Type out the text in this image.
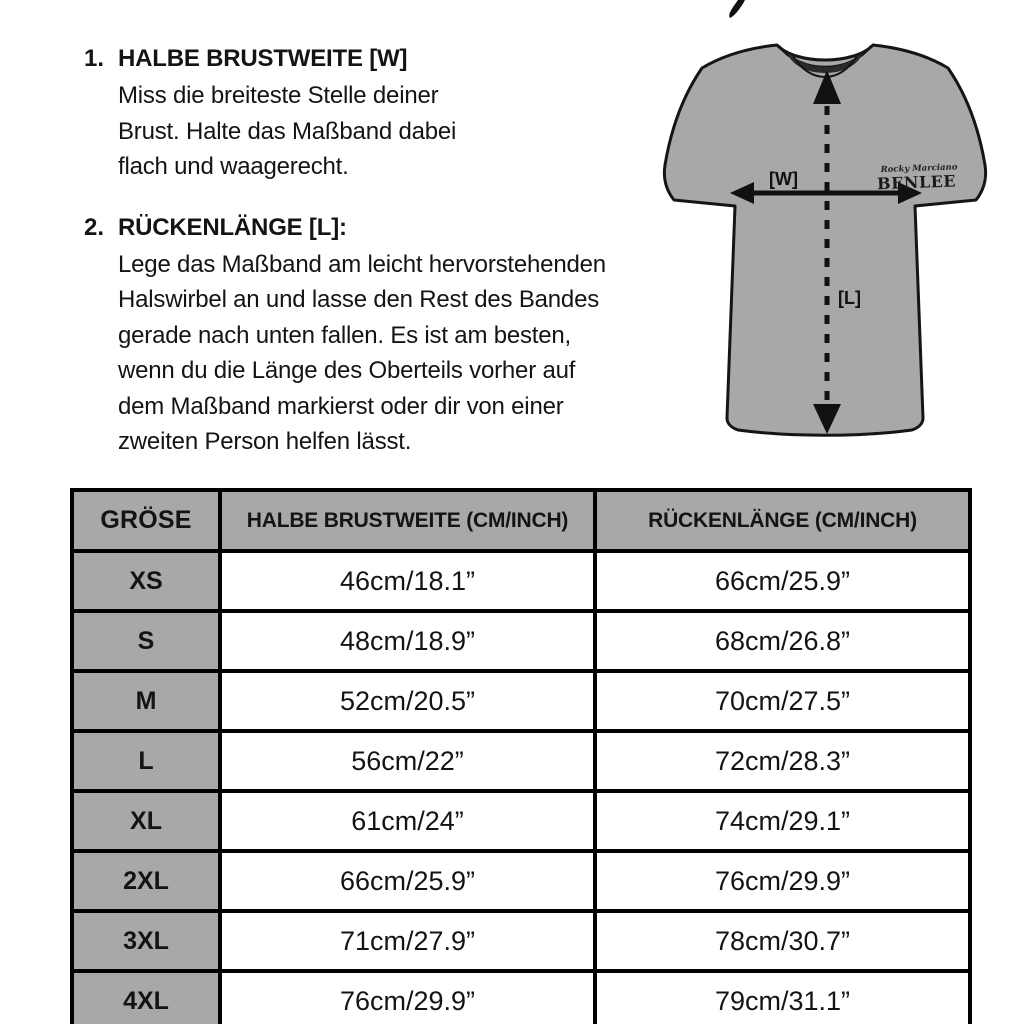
1. HALBE BRUSTWEITE [W]
Miss die breiteste Stelle deiner
Brust. Halte das Maßband dabei
flach und waagerecht.
2. RÜCKENLÄNGE [L]:
Lege das Maßband am leicht hervorstehenden
Halswirbel an und lasse den Rest des Bandes
gerade nach unten fallen. Es ist am besten,
wenn du die Länge des Oberteils vorher auf
dem Maßband markierst oder dir von einer
zweiten Person helfen lässt.
[W]
[L]
Rocky Marciano
BENLEE
™
GRÖSE	HALBE BRUSTWEITE (CM/INCH)	RÜCKENLÄNGE (CM/INCH)
XS	46cm/18.1”	66cm/25.9”
S	48cm/18.9”	68cm/26.8”
M	52cm/20.5”	70cm/27.5”
L	56cm/22”	72cm/28.3”
XL	61cm/24”	74cm/29.1”
2XL	66cm/25.9”	76cm/29.9”
3XL	71cm/27.9”	78cm/30.7”
4XL	76cm/29.9”	79cm/31.1”
